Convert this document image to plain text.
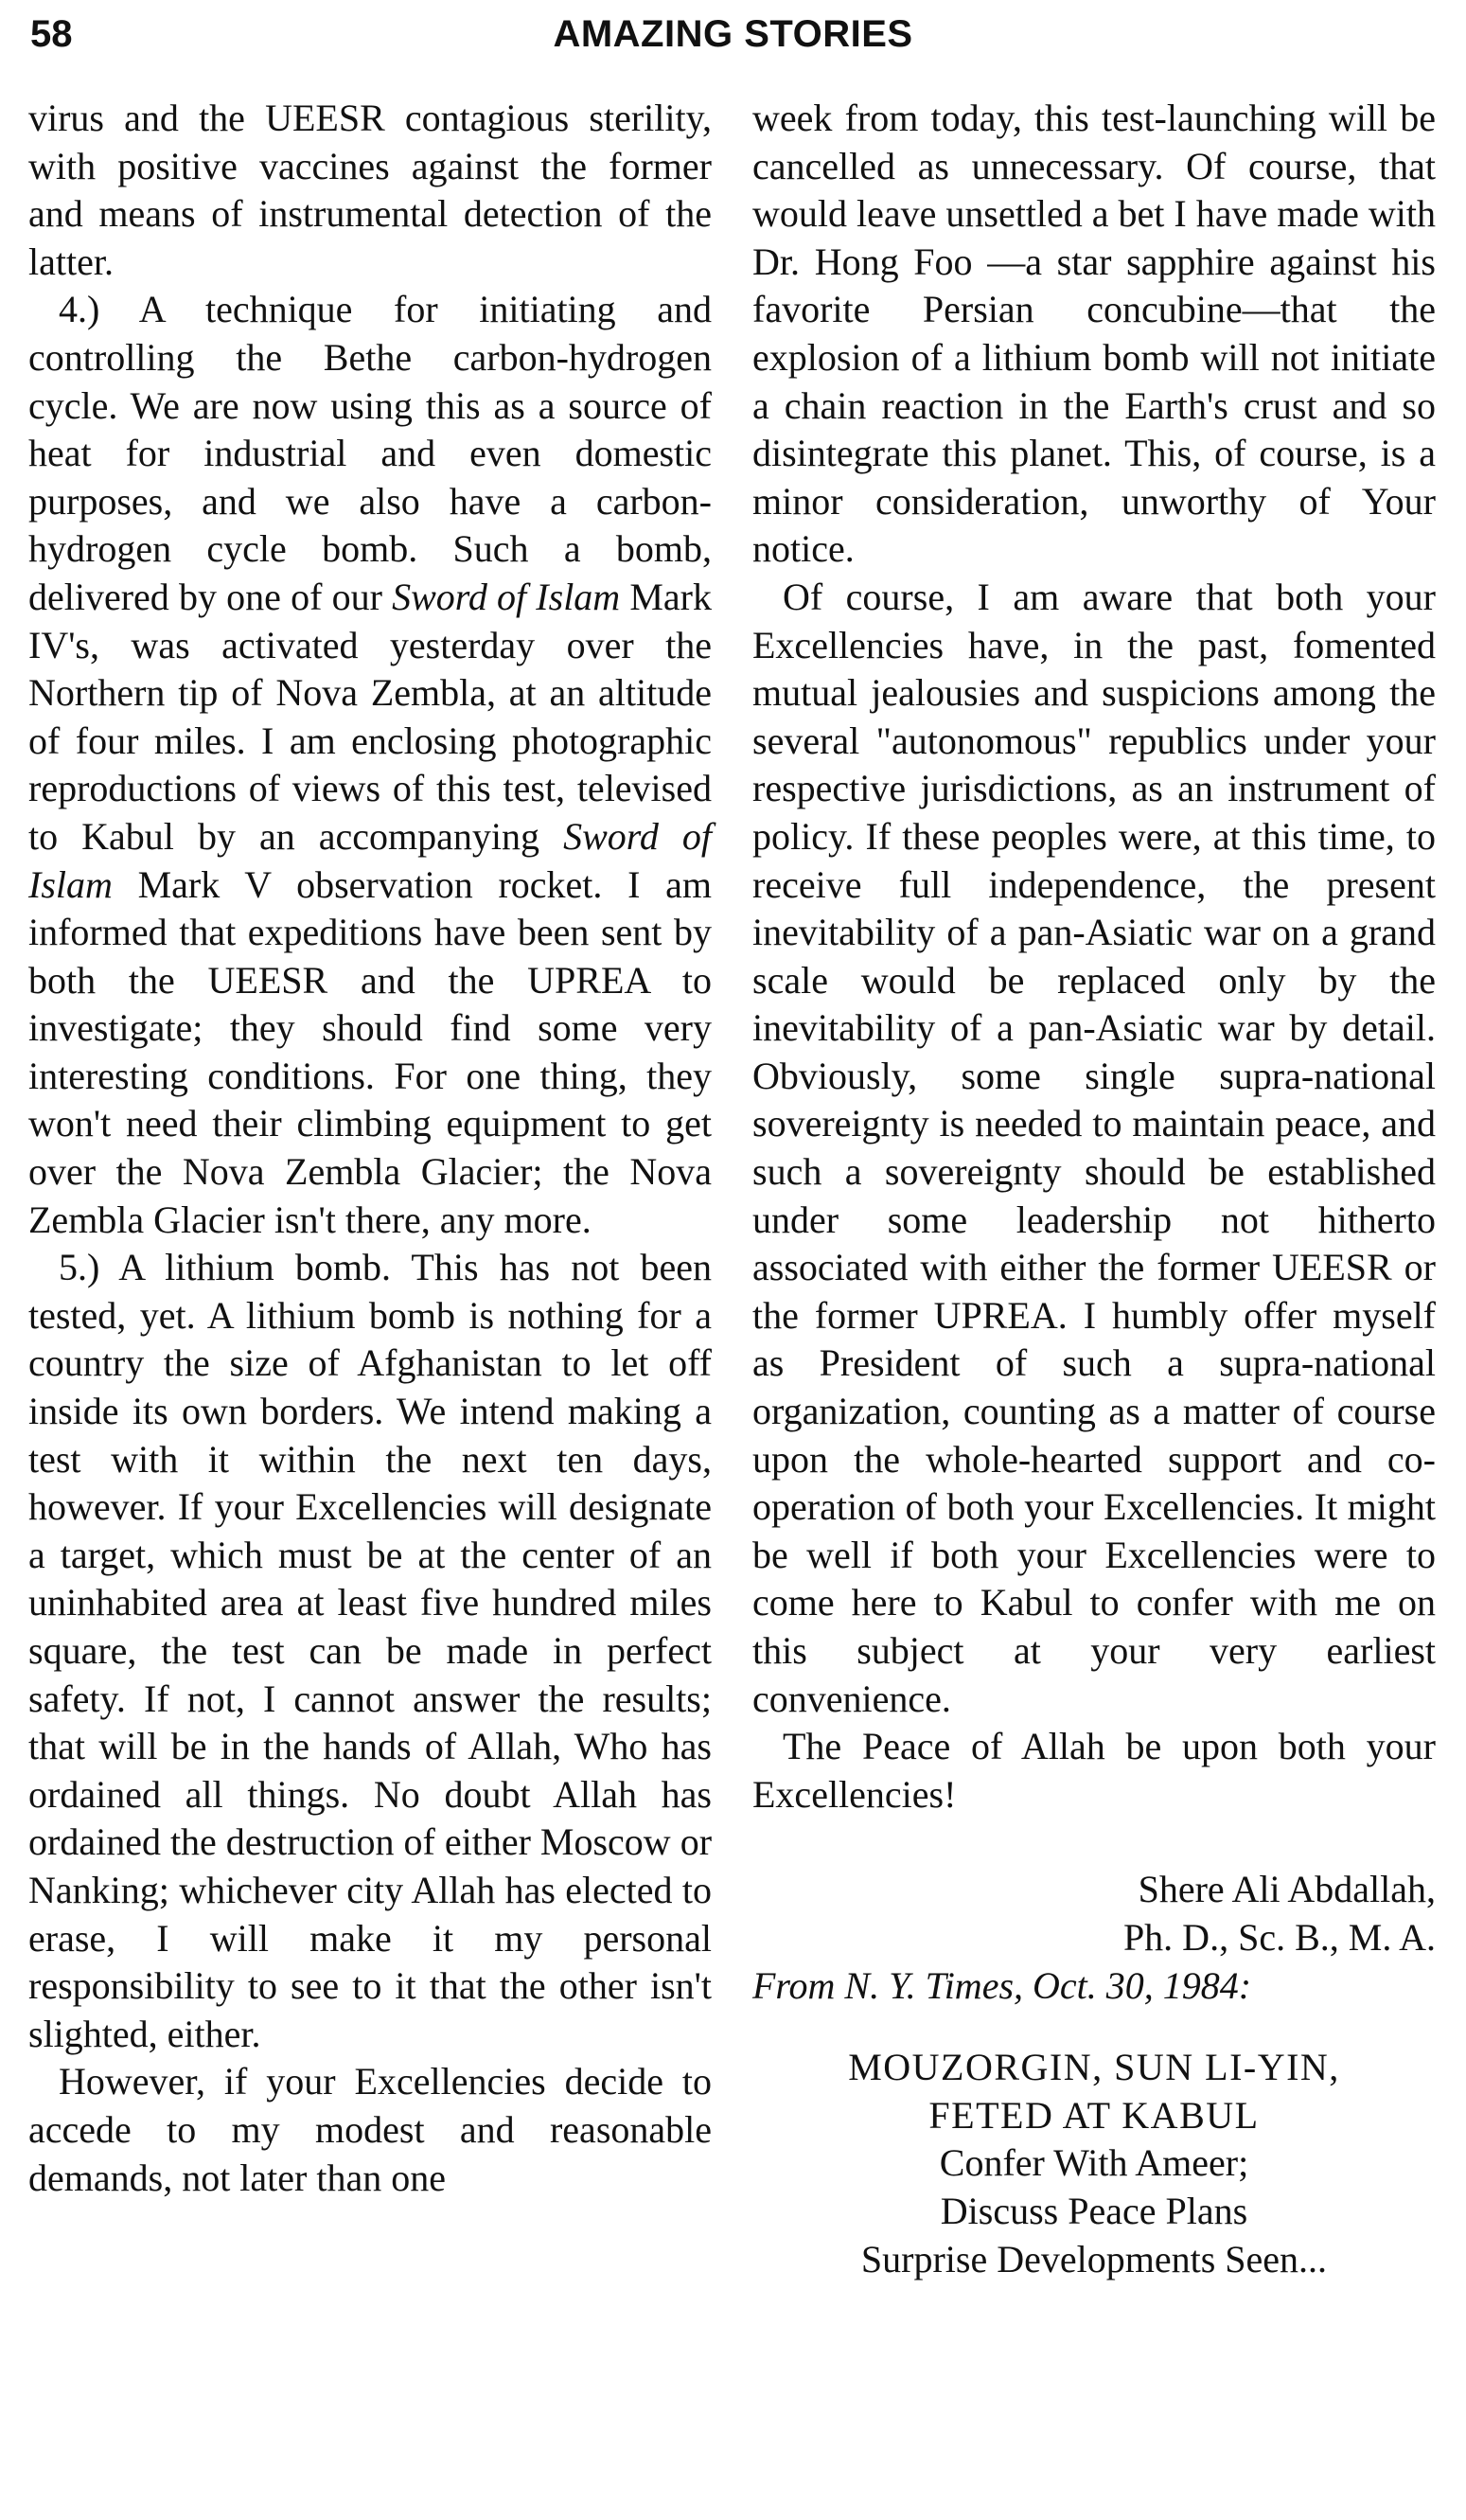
58	AMAZING STORIES

virus and the UEESR contagious sterility, with positive vaccines against the former and means of instrumental detection of the latter.

4.) A technique for initiating and controlling the Bethe carbon-hydrogen cycle. We are now using this as a source of heat for industrial and even domestic purposes, and we also have a carbon-hydrogen cycle bomb. Such a bomb, delivered by one of our Sword of Islam Mark IV's, was activated yesterday over the Northern tip of Nova Zembla, at an altitude of four miles. I am enclosing photographic reproductions of views of this test, televised to Kabul by an accompanying Sword of Islam Mark V observation rocket. I am informed that expeditions have been sent by both the UEESR and the UPREA to investigate; they should find some very interesting conditions. For one thing, they won't need their climbing equipment to get over the Nova Zembla Glacier; the Nova Zembla Glacier isn't there, any more.

5.) A lithium bomb. This has not been tested, yet. A lithium bomb is nothing for a country the size of Afghanistan to let off inside its own borders. We intend making a test with it within the next ten days, however. If your Excellencies will designate a target, which must be at the center of an uninhabited area at least five hundred miles square, the test can be made in perfect safety. If not, I cannot answer the results; that will be in the hands of Allah, Who has ordained all things. No doubt Allah has ordained the destruction of either Moscow or Nanking; whichever city Allah has elected to erase, I will make it my personal responsibility to see to it that the other isn't slighted, either.

However, if your Excellencies decide to accede to my modest and reasonable demands, not later than one

week from today, this test-launching will be cancelled as unnecessary. Of course, that would leave unsettled a bet I have made with Dr. Hong Foo —a star sapphire against his favorite Persian concubine—that the explosion of a lithium bomb will not initiate a chain reaction in the Earth's crust and so disintegrate this planet. This, of course, is a minor consideration, unworthy of Your notice.

Of course, I am aware that both your Excellencies have, in the past, fomented mutual jealousies and suspicions among the several "autonomous" republics under your respective jurisdictions, as an instrument of policy. If these peoples were, at this time, to receive full independence, the present inevitability of a pan-Asiatic war on a grand scale would be replaced only by the inevitability of a pan-Asiatic war by detail. Obviously, some single supra-national sovereignty is needed to maintain peace, and such a sovereignty should be established under some leadership not hitherto associated with either the former UEESR or the former UPREA. I humbly offer myself as President of such a supra-national organization, counting as a matter of course upon the whole-hearted support and co-operation of both your Excellencies. It might be well if both your Excellencies were to come here to Kabul to confer with me on this subject at your very earliest convenience.

The Peace of Allah be upon both your Excellencies!

Shere Ali Abdallah,
Ph. D., Sc. B., M. A.
From N. Y. Times, Oct. 30, 1984:
MOUZORGIN, SUN LI-YIN,
FETED AT KABUL
Confer With Ameer;
Discuss Peace Plans
Surprise Developments Seen...
